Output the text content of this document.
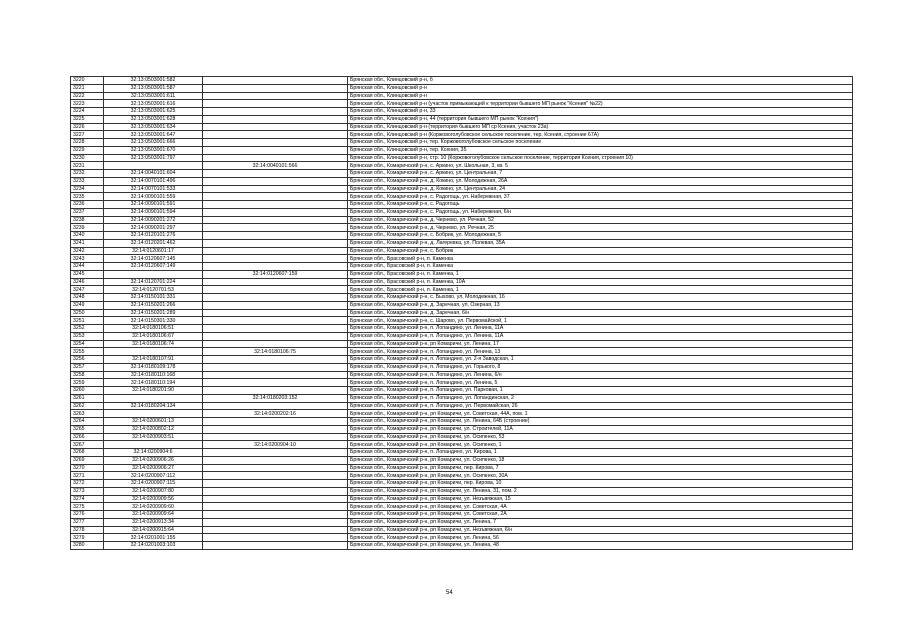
3220	32:13:0503001:582		Брянская обл., Клинцовский р-н, б
3221	32:13:0503001:587		Брянская обл., Клинцовский р-н
3222	32:13:0503001:611		Брянская обл., Клинцовский р-н
3223	32:13:0503001:616		Брянская обл., Клинцовский р-н (участок примыкающий к территории бывшего МП рынок "Ксения" №22)
3224	32:13:0503001:625		Брянская обл., Клинцовский р-н, 33
3225	32:13:0503001:628		Брянская обл., Клинцовский р-н, 44 (территория бывшего МП рынок "Ксения")
3226	32:13:0503001:634		Брянская обл., Клинцовский р-н (территория бывшего МП ср Ксения, участок 23а)
3227	32:13:0503001:647		Брянская обл., Клинцовский р-н (Коржовоголубовское сельское поселение, тер. Ксения, строение 67А)
3228	32:13:0503001:666		Брянская обл., Клинцовский р-н, тер. Коржовоголубовское сельское поселение
3229	32:13:0503001:670		Брянская обл., Клинцовский р-н, тер. Ксения, 35
3230	32:13:0503001:797		Брянская обл., Клинцовский р-н, стр. 10 (Коржовоголубовское сельское поселение, территория Ксения, строения 10)
3231		32:14:0040101:566	Брянская обл., Комаричский р-н, с. Аркино, ул. Школьная, 3, кв. 5
3232	32:14:0040101:604		Брянская обл., Комаричский р-н, с. Аркино, ул. Центральная, 7
3233	32:14:0070101:496		Брянская обл., Комаричский р-н, д. Кокино, ул. Молодежная, 26А
3234	32:14:0070101:533		Брянская обл., Комаричский р-н, д. Кокино, ул. Центральная, 24
3235	32:14:0090101:559		Брянская обл., Комаричский р-н, с. Радогощь, ул. Набережная, 37
3236	32:14:0090101:591		Брянская обл., Комаричский р-н, с. Радогощь
3237	32:14:0090101:594		Брянская обл., Комаричский р-н, с. Радогощь, ул. Набережная, 6/н
3238	32:14:0090201:272		Брянская обл., Комаричский р-н, д. Чернево, ул. Речная, 52
3239	32:14:0090201:297		Брянская обл., Комаричский р-н, д. Чернево, ул. Речная, 25
3240	32:14:0120101:276		Брянская обл., Комаричский р-н, с. Бобрик, ул. Молодежная, 5
3241	32:14:0120201:462		Брянская обл., Комаричский р-н, д. Лагеревка, ул. Полевая, 35А
3242	32:14:0120601:17		Брянская обл., Комаричский р-н, с. Бобрик
3243	32:14:0120607:145		Брянская обл., Брасовский р-н, п. Каменка
3244	32:14:0120607:149		Брянская обл., Брасовский р-н, п. Каменка
3245		32:14:0120607:159	Брянская обл., Брасовский р-н, п. Каменка, 1
3246	32:14:0120701:224		Брянская обл., Брасовский р-н, п. Каменка, 10А
3247	32:14:0120701:53		Брянская обл., Брасовский р-н, п. Каменка, 1
3248	32:14:0150101:331		Брянская обл., Комаричский р-н, с. Быхово, ул. Молодежная, 16
3249	32:14:0150201:266		Брянская обл., Комаричский р-н, д. Заречная, ул. Озерная, 13
3250	32:14:0150201:289		Брянская обл., Комаричский р-н, д. Заречная, 6/н
3251	32:14:0150301:330		Брянская обл., Комаричский р-н, с. Шарово, ул. Первомайской, 1
3252	32:14:0180106:51		Брянская обл., Комаричский р-н, п. Лопандино, ул. Ленина, 11А
3253	32:14:0180106:67		Брянская обл., Комаричский р-н, п. Лопандино, ул. Ленина, 11А
3254	32:14:0180106:74		Брянская обл., Комаричский р-н, рп Комаричи, ул. Ленина, 17
3255		32:14:0180106:75	Брянская обл., Комаричский р-н, п. Лопандино, ул. Ленина, 13
3256	32:14:0180107:91		Брянская обл., Комаричский р-н, п. Лопандино, ул. 2-я Заводская, 1
3257	32:14:0180109:178		Брянская обл., Комаричский р-н, п. Лопандино, ул. Горького, 8
3258	32:14:0180110:168		Брянская обл., Комаричский р-н, п. Лопандино, ул. Ленина, 6/н
3259	32:14:0180110:194		Брянская обл., Комаричский р-н, п. Лопандино, ул. Ленина, 5
3260	32:14:0180201:90		Брянская обл., Комаричский р-н, п. Лопандино, ул. Парковая, 1
3261		32:14:0180203:152	Брянская обл., Комаричский р-н, п. Лопандино, ул. Лопандинская, 2
3262	32:14:0180204:134		Брянская обл., Комаричский р-н, п. Лопандино, ул. Первомайская, 26
3263		32:14:0200202:16	Брянская обл., Комаричский р-н, рп Комаричи, ул. Советская, 44А, пом. 1
3264	32:14:0200601:13		Брянская обл., Комаричский р-н, рп Комаричи, ул. Ленина, 64Б (строение)
3265	32:14:0200802:12		Брянская обл., Комаричский р-н, рп Комаричи, ул. Строителей, 11А
3266	32:14:0200903:51		Брянская обл., Комаричский р-н, рп Комаричи, ул. Осипенко, 53
3267		32:14:0200904:10	Брянская обл., Комаричский р-н, рп Комаричи, ул. Осипенко, 1
3268	32:14:0200904:6		Брянская обл., Комаричский р-н, п. Лопандино, ул. Кирова, 1
3269	32:14:0200906:26		Брянская обл., Комаричский р-н, рп Комаричи, ул. Осипенко, 18
3270	32:14:0200906:27		Брянская обл., Комаричский р-н, рп Комаричи, пер. Кирова, 7
3271	32:14:0200907:112		Брянская обл., Комаричский р-н, рп Комаричи, ул. Осипенко, 30А
3272	32:14:0200907:115		Брянская обл., Комаричский р-н, рп Комаричи, пер. Кирова, 10
3273	32:14:0200907:80		Брянская обл., Комаричский р-н, рп Комаричи, ул. Ленина, 31, пом. 2
3274	32:14:0200909:56		Брянская обл., Комаричский р-н, рп Комаричи, ул. Незъвяжная, 15
3275	32:14:0200909:60		Брянская обл., Комаричский р-н, рп Комаричи, ул. Советская, 4А
3276	32:14:0200909:64		Брянская обл., Комаричский р-н, рп Комаричи, ул. Советская, 2А
3277	32:14:0200913:34		Брянская обл., Комаричский р-н, рп Комаричи, ул. Ленина, 7
3278	32:14:0200915:64		Брянская обл., Комаричский р-н, рп Комаричи, ул. Незъвяжная, 6/н
3279	32:14:0201001:155		Брянская обл., Комаричский р-н, рп Комаричи, ул. Ленина, 56
3280	32:14:0201003:103		Брянская обл., Комаричский р-н, рп Комаричи, ул. Ленина, 48
54
